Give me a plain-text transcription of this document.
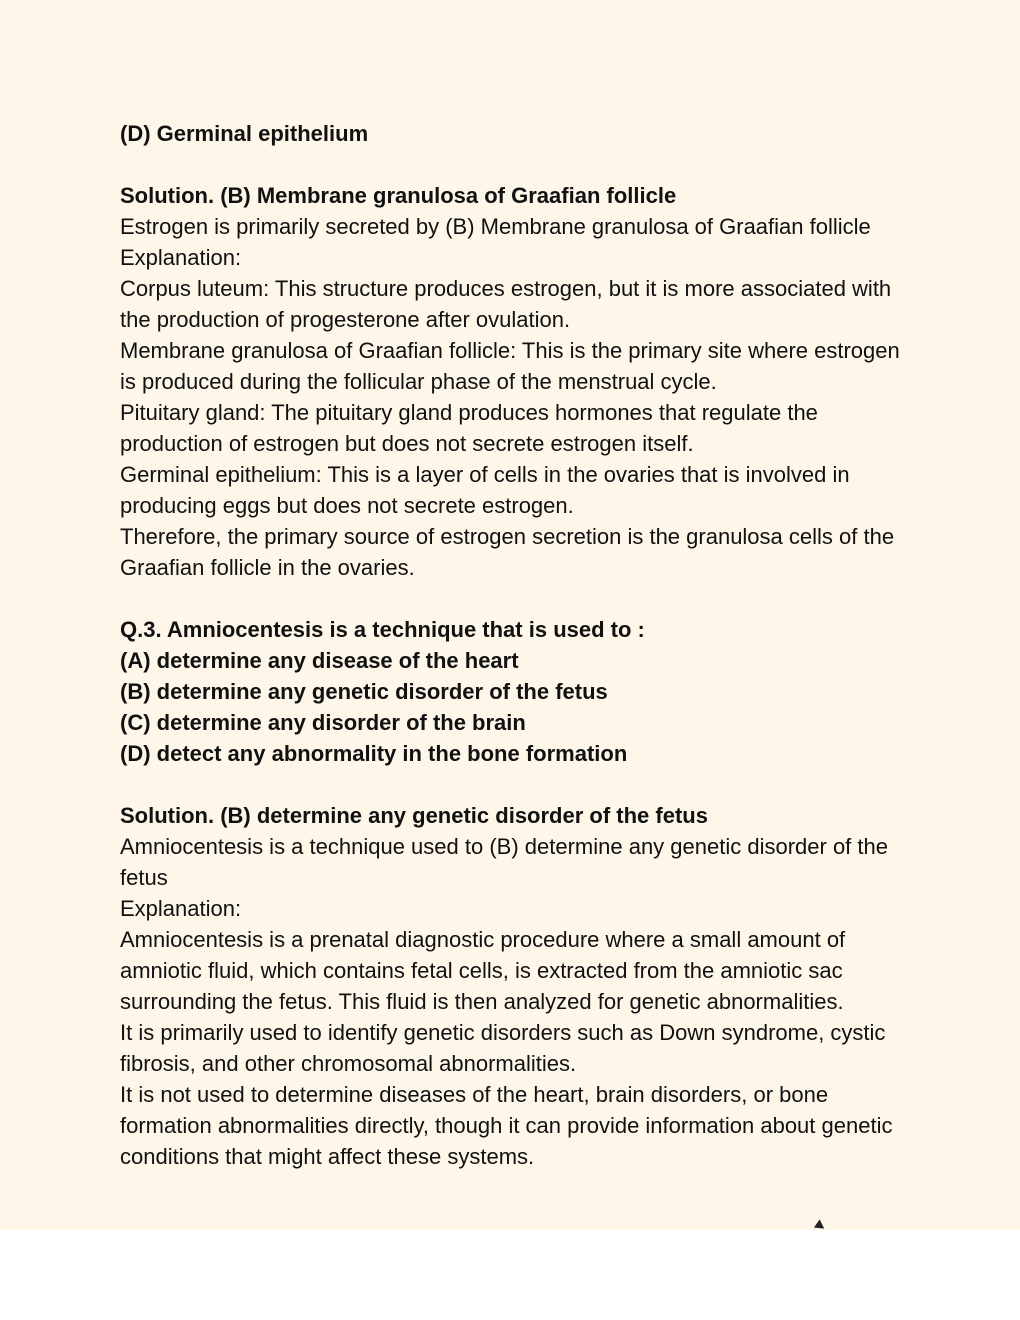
(D) Germinal epithelium

Solution. (B) Membrane granulosa of Graafian follicle

Estrogen is primarily secreted by (B) Membrane granulosa of Graafian follicle

Explanation:

Corpus luteum: This structure produces estrogen, but it is more associated with the production of progesterone after ovulation.

Membrane granulosa of Graafian follicle: This is the primary site where estrogen is produced during the follicular phase of the menstrual cycle.

Pituitary gland: The pituitary gland produces hormones that regulate the production of estrogen but does not secrete estrogen itself.

Germinal epithelium: This is a layer of cells in the ovaries that is involved in producing eggs but does not secrete estrogen.

Therefore, the primary source of estrogen secretion is the granulosa cells of the Graafian follicle in the ovaries.

Q.3. Amniocentesis is a technique that is used to :

(A) determine any disease of the heart

(B) determine any genetic disorder of the fetus

(C) determine any disorder of the brain

(D) detect any abnormality in the bone formation

Solution. (B) determine any genetic disorder of the fetus

Amniocentesis is a technique used to (B) determine any genetic disorder of the fetus

Explanation:

Amniocentesis is a prenatal diagnostic procedure where a small amount of amniotic fluid, which contains fetal cells, is extracted from the amniotic sac surrounding the fetus. This fluid is then analyzed for genetic abnormalities.

It is primarily used to identify genetic disorders such as Down syndrome, cystic fibrosis, and other chromosomal abnormalities.

It is not used to determine diseases of the heart, brain disorders, or bone formation abnormalities directly, though it can provide information about genetic conditions that might affect these systems.
